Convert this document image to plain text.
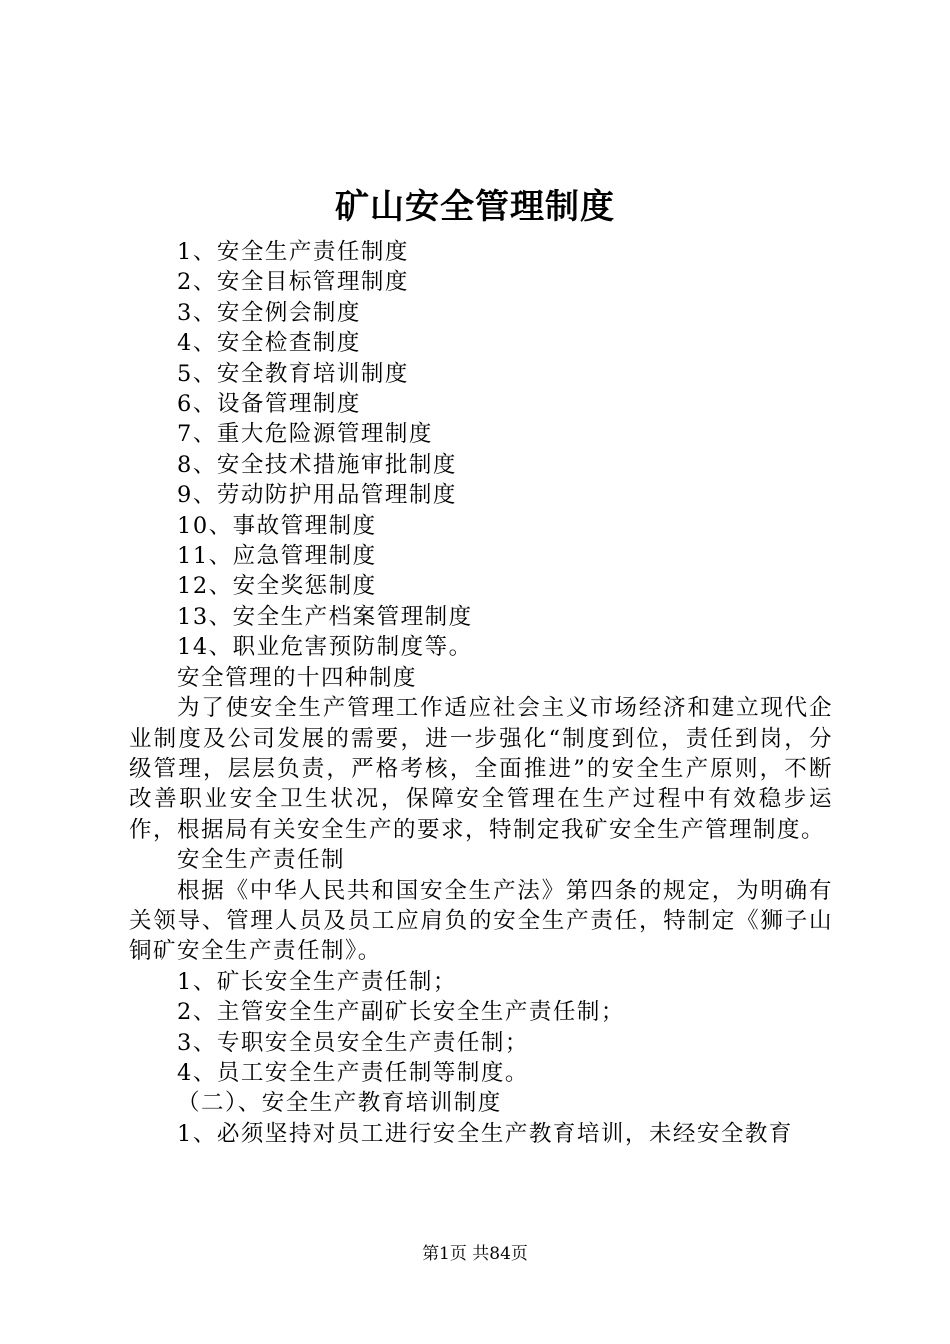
矿山安全管理制度

1、安全生产责任制度

2、安全目标管理制度

3、安全例会制度

4、安全检查制度

5、安全教育培训制度

6、设备管理制度

7、重大危险源管理制度

8、安全技术措施审批制度

9、劳动防护用品管理制度

10、事故管理制度

11、应急管理制度

12、安全奖惩制度

13、安全生产档案管理制度

14、职业危害预防制度等。

安全管理的十四种制度

为了使安全生产管理工作适应社会主义市场经济和建立现代企业制度及公司发展的需要，进一步强化“制度到位，责任到岗，分级管理，层层负责，严格考核，全面推进”的安全生产原则，不断改善职业安全卫生状况，保障安全管理在生产过程中有效稳步运作，根据局有关安全生产的要求，特制定我矿安全生产管理制度。

安全生产责任制

根据《中华人民共和国安全生产法》第四条的规定，为明确有关领导、管理人员及员工应肩负的安全生产责任，特制定《狮子山铜矿安全生产责任制》。

1、矿长安全生产责任制；

2、主管安全生产副矿长安全生产责任制；

3、专职安全员安全生产责任制；

4、员工安全生产责任制等制度。

（二）、安全生产教育培训制度

1、必须坚持对员工进行安全生产教育培训，未经安全教育

第1页 共84页
